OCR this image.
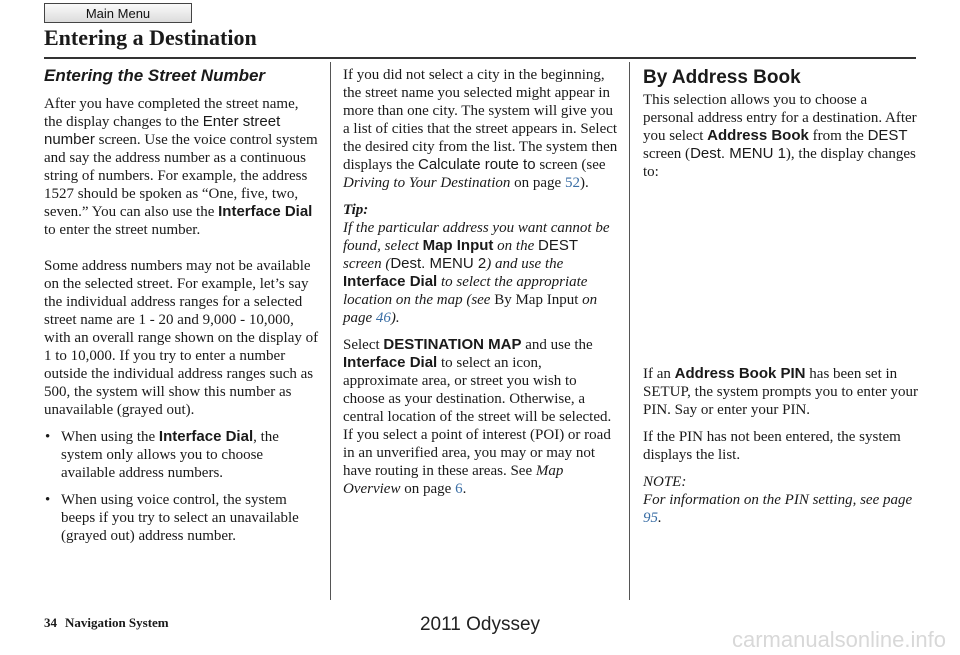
Main Menu
Entering a Destination
Entering the Street Number

After you have completed the street name, the display changes to the Enter street number screen. Use the voice control system and say the address number as a continuous string of numbers. For example, the address 1527 should be spoken as “One, five, two, seven.” You can also use the Interface Dial to enter the street number.

Some address numbers may not be available on the selected street. For example, let’s say the individual address ranges for a selected street name are 1 - 20 and 9,000 - 10,000, with an overall range shown on the display of 1 to 10,000. If you try to enter a number outside the individual address ranges such as 500, the system will show this number as unavailable (grayed out).

• When using the Interface Dial, the system only allows you to choose available address numbers.
• When using voice control, the system beeps if you try to select an unavailable (grayed out) address number.

If you did not select a city in the beginning, the street name you selected might appear in more than one city. The system will give you a list of cities that the street appears in. Select the desired city from the list. The system then displays the Calculate route to screen (see Driving to Your Destination on page 52).

Tip:

If the particular address you want cannot be found, select Map Input on the DEST screen (Dest. MENU 2) and use the Interface Dial to select the appropriate location on the map (see By Map Input on page 46).

Select DESTINATION MAP and use the Interface Dial to select an icon, approximate area, or street you wish to choose as your destination. Otherwise, a central location of the street will be selected. If you select a point of interest (POI) or road in an unverified area, you may or may not have routing in these areas. See Map Overview on page 6.

By Address Book

This selection allows you to choose a personal address entry for a destination. After you select Address Book from the DEST screen (Dest. MENU 1), the display changes to:

If an Address Book PIN has been set in SETUP, the system prompts you to enter your PIN. Say or enter your PIN.

If the PIN has not been entered, the system displays the list.

NOTE:

For information on the PIN setting, see page 95.

34 Navigation System	2011 Odyssey
carmanualsonline.info
